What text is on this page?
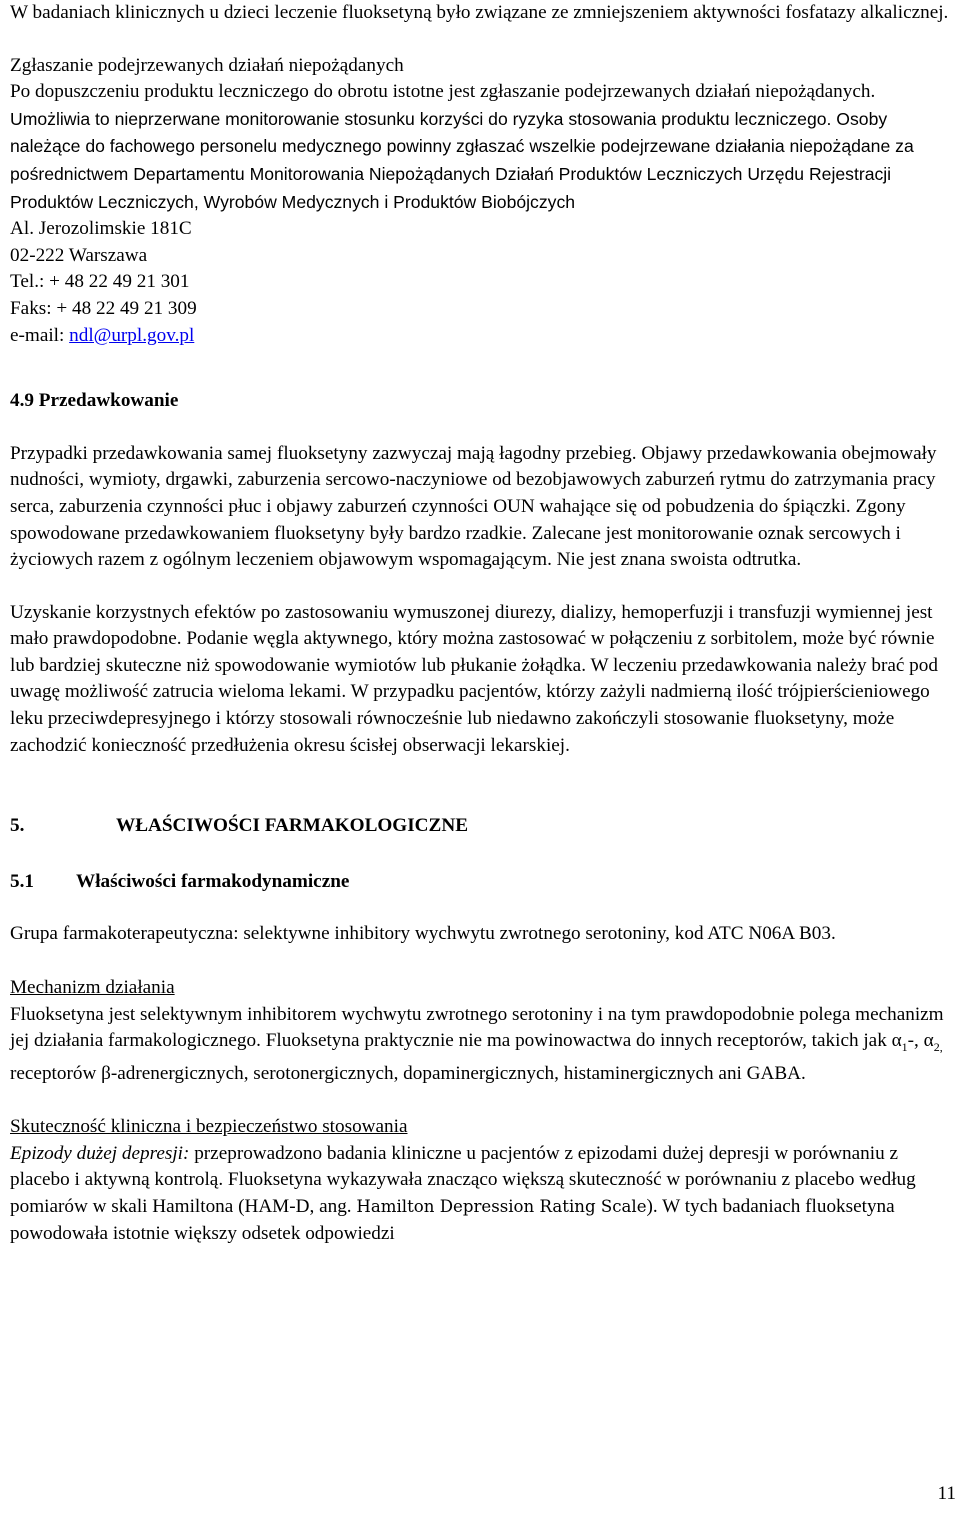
W badaniach klinicznych u dzieci leczenie fluoksetyną było związane ze zmniejszeniem aktywności fosfatazy alkalicznej.

Zgłaszanie podejrzewanych działań niepożądanych

Po dopuszczeniu produktu leczniczego do obrotu istotne jest zgłaszanie podejrzewanych działań niepożądanych. Umożliwia to nieprzerwane monitorowanie stosunku korzyści do ryzyka stosowania produktu leczniczego. Osoby należące do fachowego personelu medycznego powinny zgłaszać wszelkie podejrzewane działania niepożądane za pośrednictwem Departamentu Monitorowania Niepożądanych Działań Produktów Leczniczych Urzędu Rejestracji Produktów Leczniczych, Wyrobów Medycznych i Produktów Biobójczych

Al. Jerozolimskie 181C

02-222 Warszawa

Tel.: + 48 22 49 21 301

Faks: + 48 22 49 21 309

e-mail: ndl@urpl.gov.pl

4.9 Przedawkowanie

Przypadki przedawkowania samej fluoksetyny zazwyczaj mają łagodny przebieg. Objawy przedawkowania obejmowały nudności, wymioty, drgawki, zaburzenia sercowo-naczyniowe od bezobjawowych zaburzeń rytmu do zatrzymania pracy serca, zaburzenia czynności płuc i objawy zaburzeń czynności OUN wahające się od pobudzenia do śpiączki. Zgony spowodowane przedawkowaniem fluoksetyny były bardzo rzadkie. Zalecane jest monitorowanie oznak sercowych i życiowych razem z ogólnym leczeniem objawowym wspomagającym. Nie jest znana swoista odtrutka.

Uzyskanie korzystnych efektów po zastosowaniu wymuszonej diurezy, dializy, hemoperfuzji i transfuzji wymiennej jest mało prawdopodobne. Podanie węgla aktywnego, który można zastosować w połączeniu z sorbitolem, może być równie lub bardziej skuteczne niż spowodowanie wymiotów lub płukanie żołądka. W leczeniu przedawkowania należy brać pod uwagę możliwość zatrucia wieloma lekami. W przypadku pacjentów, którzy zażyli nadmierną ilość trójpierścieniowego leku przeciwdepresyjnego i którzy stosowali równocześnie lub niedawno zakończyli stosowanie fluoksetyny, może zachodzić konieczność przedłużenia okresu ścisłej obserwacji lekarskiej.

5.	WŁAŚCIWOŚCI FARMAKOLOGICZNE

5.1	Właściwości farmakodynamiczne

Grupa farmakoterapeutyczna: selektywne inhibitory wychwytu zwrotnego serotoniny, kod ATC N06A B03.

Mechanizm działania

Fluoksetyna jest selektywnym inhibitorem wychwytu zwrotnego serotoniny i na tym prawdopodobnie polega mechanizm jej działania farmakologicznego. Fluoksetyna praktycznie nie ma powinowactwa do innych receptorów, takich jak $\alpha_1-$, $\alpha_{2,}$ receptorów β-adrenergicznych, serotonergicznych, dopaminergicznych, histaminergicznych ani GABA.

Skuteczność kliniczna i bezpieczeństwo stosowania

Epizody dużej depresji: przeprowadzono badania kliniczne u pacjentów z epizodami dużej depresji w porównaniu z placebo i aktywną kontrolą. Fluoksetyna wykazywała znacząco większą skuteczność w porównaniu z placebo według pomiarów w skali Hamiltona (HAM-D, ang. Hamilton Depression Rating Scale). W tych badaniach fluoksetyna powodowała istotnie większy odsetek odpowiedzi

11
